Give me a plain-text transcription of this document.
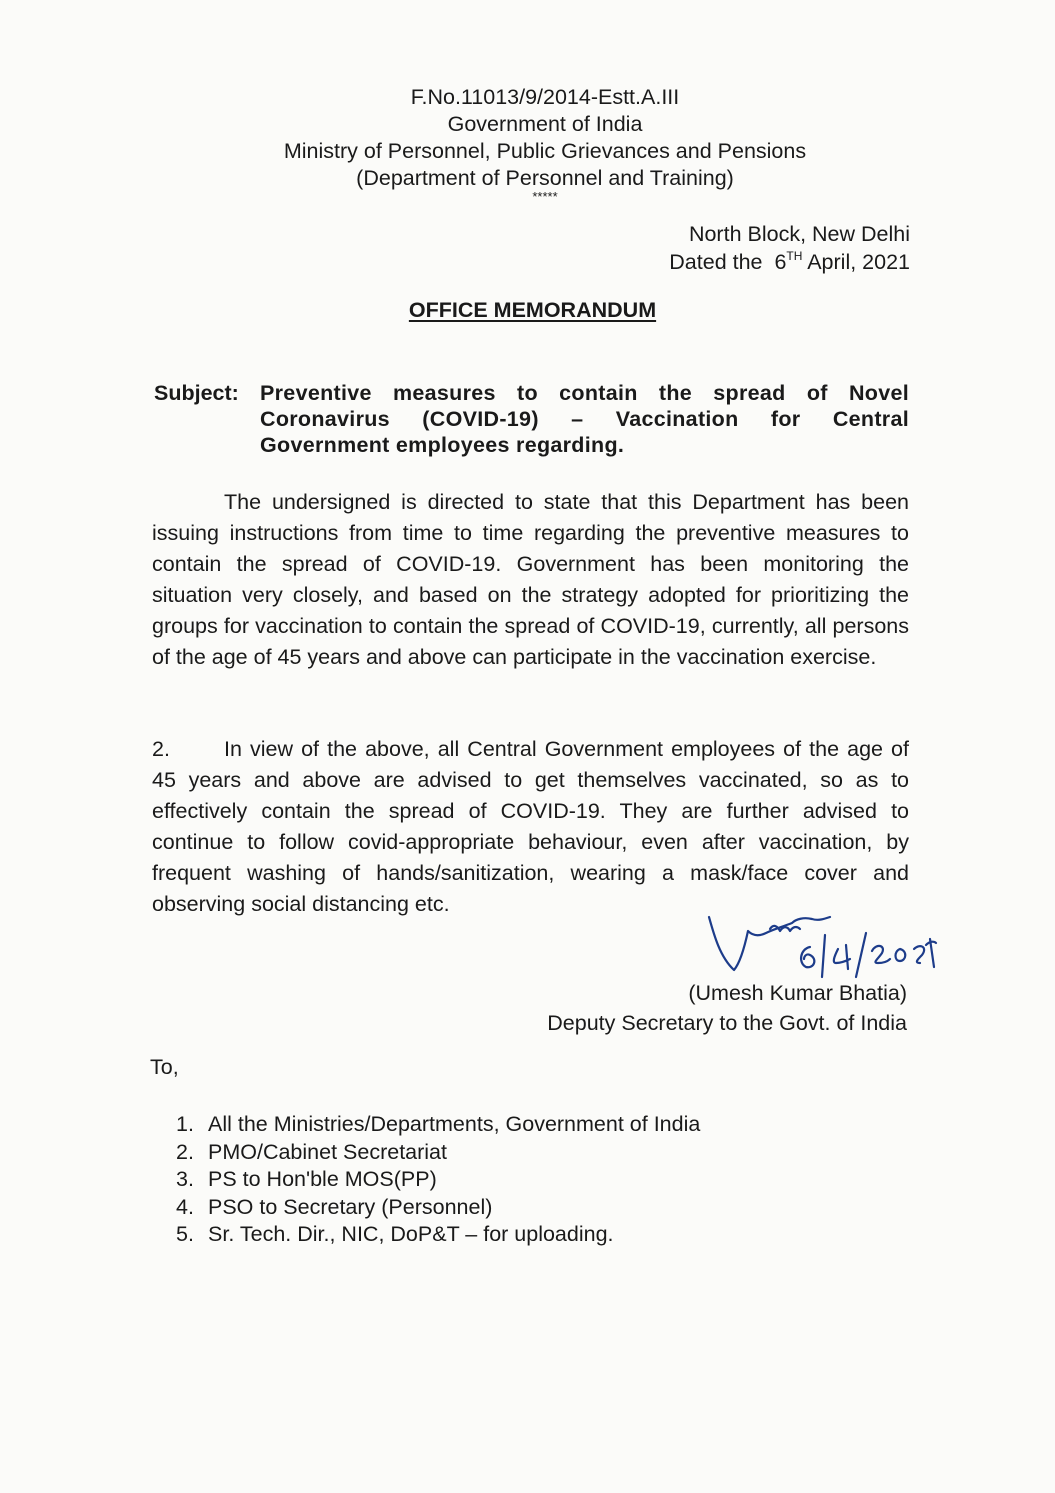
F.No.11013/9/2014-Estt.A.III
Government of India
Ministry of Personnel, Public Grievances and Pensions
(Department of Personnel and Training)
*****
North Block, New Delhi
Dated the  6TH April, 2021
OFFICE MEMORANDUM
Subject: Preventive measures to contain the spread of Novel Coronavirus (COVID-19) – Vaccination for Central Government employees regarding.
The undersigned is directed to state that this Department has been issuing instructions from time to time regarding the preventive measures to contain the spread of COVID-19. Government has been monitoring the situation very closely, and based on the strategy adopted for prioritizing the groups for vaccination to contain the spread of COVID-19, currently, all persons of the age of 45 years and above can participate in the vaccination exercise.
2.	In view of the above, all Central Government employees of the age of 45 years and above are advised to get themselves vaccinated, so as to effectively contain the spread of COVID-19. They are further advised to continue to follow covid-appropriate behaviour, even after vaccination, by frequent washing of hands/sanitization, wearing a mask/face cover and observing social distancing etc.
(Umesh Kumar Bhatia)
Deputy Secretary to the Govt. of India
To,
1. All the Ministries/Departments, Government of India
2. PMO/Cabinet Secretariat
3. PS to Hon'ble MOS(PP)
4. PSO to Secretary (Personnel)
5. Sr. Tech. Dir., NIC, DoP&T – for uploading.
